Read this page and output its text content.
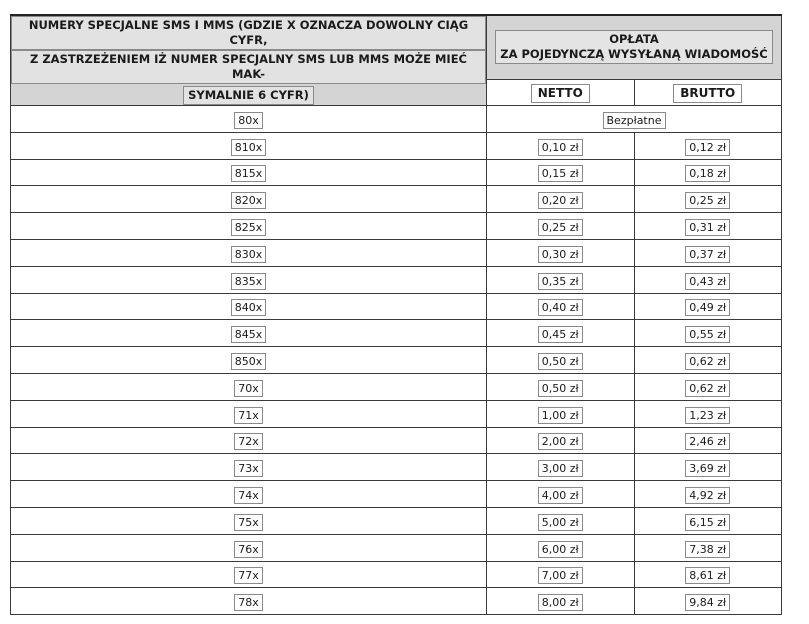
NUMERY SPECJALNE SMS I MMS (GDZIE X OZNACZA DOWOLNY CIĄG CYFR,
Z ZASTRZEŻENIEM IŻ NUMER SPECJALNY SMS LUB MMS MOŻE MIEĆ MAK-
SYMALNIE 6 CYFR)	OPŁATA
ZA POJEDYNCZĄ WYSYŁANĄ WIADOMOŚĆ	
	NETTO	BRUTTO
80x	Bezpłatne	
810x	0,10 zł	0,12 zł
815x	0,15 zł	0,18 zł
820x	0,20 zł	0,25 zł
825x	0,25 zł	0,31 zł
830x	0,30 zł	0,37 zł
835x	0,35 zł	0,43 zł
840x	0,40 zł	0,49 zł
845x	0,45 zł	0,55 zł
850x	0,50 zł	0,62 zł
70x	0,50 zł	0,62 zł
71x	1,00 zł	1,23 zł
72x	2,00 zł	2,46 zł
73x	3,00 zł	3,69 zł
74x	4,00 zł	4,92 zł
75x	5,00 zł	6,15 zł
76x	6,00 zł	7,38 zł
77x	7,00 zł	8,61 zł
78x	8,00 zł	9,84 zł
